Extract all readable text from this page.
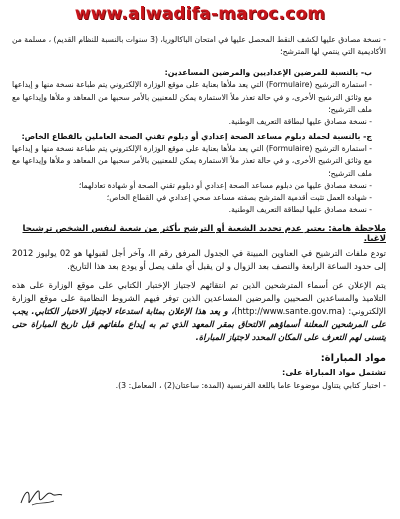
www.alwadifa-maroc.com

- نسخة مصادق عليها لكشف النقط المحصل عليها في امتحان الباكالوريا، (3 سنوات بالنسبة للنظام القديم) ، مسلمة من الأكاديمية التي ينتمي لها المترشح؛

ب- بالنسبة للمرضين الإعداديين والمرضين المساعدين:

- استمارة الترشيح (Formulaire) التي يعد ملأها بعناية على موقع الوزارة الإلكتروني يتم طباعة نسخة منها و إيداعها مع وثائق الترشيح الأخرى، و في حالة تعذر ملأ الاستمارة يمكن للمعنيين بالأمر سحبها من المعاهد و ملأها وإيداعها مع ملف الترشيح؛

- نسخة مصادق عليها لبطاقة التعريف الوطنية.

ج- بالنسبة لحملة دبلوم مساعد الصحة إعدادي أو دبلوم تقني الصحة العاملين بالقطاع الخاص:

- استمارة الترشيح (Formulaire) التي يعد ملأها بعناية على موقع الوزارة الإلكتروني يتم طباعة نسخة منها و إيداعها مع وثائق الترشيح الأخرى، و في حالة تعذر ملأ الاستمارة يمكن للمعنيين بالأمر سحبها من المعاهد و ملأها وإيداعها مع ملف الترشيح؛

- نسخة مصادق عليها من دبلوم مساعد الصحة إعدادي أو دبلوم تقني الصحة أو شهادة تعادلهما؛

- شهادة العمل تثبت أقدمية المترشح بصفته مساعد صحي إعدادي في القطاع الخاص؛

- نسخة مصادق عليها لبطاقة التعريف الوطنية.

ملاحظة هامة: يعتبر عدم تحديد الشعبة أو الترشح بأكثر من شعبة لنفس الشخص ترشيحا لاغيا.

تودع ملفات الترشيح في العناوين المبينة في الجدول المرفق رقم II، وآخر أجل لقبولها هو 02 يوليوز 2012 إلى حدود الساعة الرابعة والنصف بعد الزوال و لن يقبل أي ملف يصل أو يودع بعد هذا التاريخ.

يتم الإعلان عن أسماء المترشحين الذين تم انتقائهم لاجتياز الإختبار الكتابي على موقع الوزارة على هذه التلاميذ والمساعدين الصحيين والمرضين المساعدين الذين توفر فيهم الشروط النظامية على موقع الوزارة الإلكتروني: (http://www.sante.gov.ma)، و يعد هذا الإعلان بمثابة استدعاء لاجتياز الاختبار الكتابي. يجب على المرشحين المعلنة أسماؤهم الالتحاق بمقر المعهد الذي تم به إيداع ملفاتهم قبل تاريخ المباراة حتى يتسنى لهم التعرف على المكان المحدد لاجتياز المباراة.

مواد المباراة:
تشتمل مواد المباراة على:

- اختبار كتابي يتناول موضوعا عاما باللغة الفرنسية (المدة: ساعتان(2) ، المعامل: 3).
